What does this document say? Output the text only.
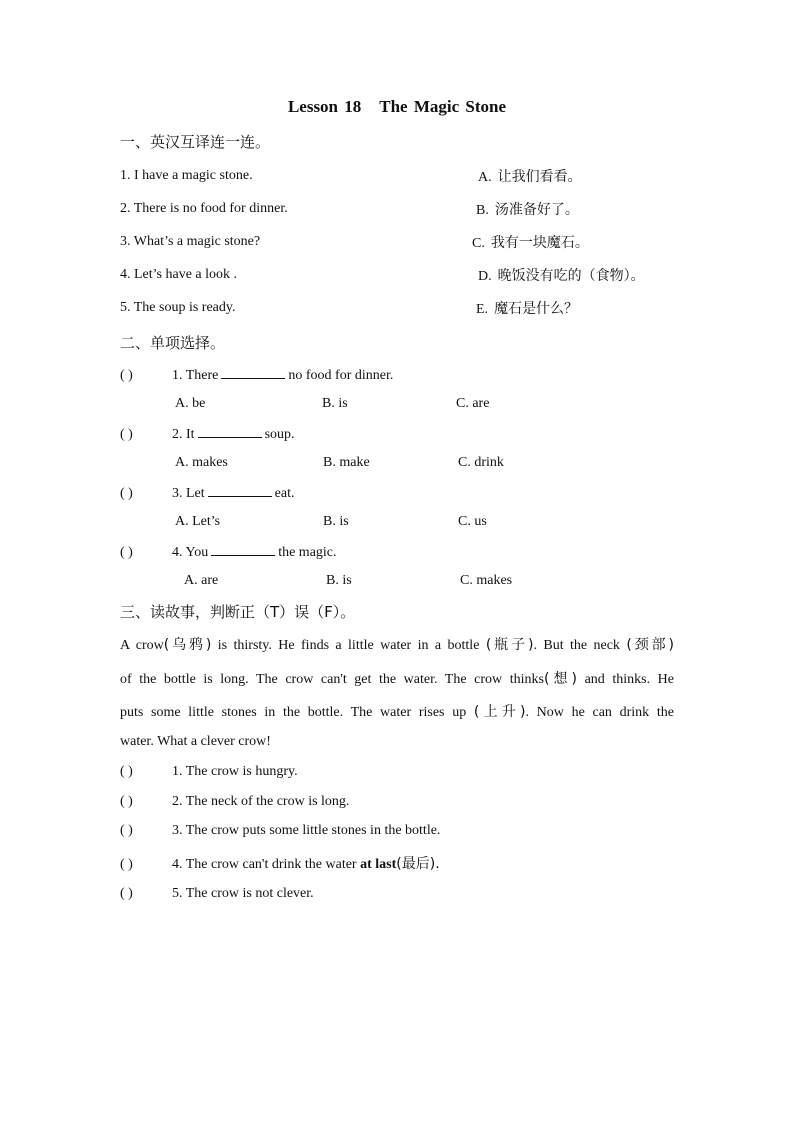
Lesson 18 The Magic Stone
一、英汉互译连一连。
1. I have a magic stone.
2. There is no food for dinner.
3. What’s a magic stone?
4. Let’s have a look .
5. The soup is ready.
A. 让我们看看。
B. 汤准备好了。
C. 我有一块魔石。
D. 晚饭没有吃的（食物）。
E. 魔石是什么？
二、单项选择。
( )	1. There	no food for dinner.
A. be	B. is	C. are
( )	2. It	soup.
A. makes	B. make	C. drink
( )	3. Let	eat.
A. Let’s	B. is	C. us
( )	4. You	the magic.
A. are	B. is	C. makes
三、读故事，判断正（T）误（F）。
A crow(乌鸦) is thirsty. He finds a little water in a bottle (瓶子). But the neck (颈部)
of the bottle is long. The crow can't get the water. The crow thinks(想) and thinks. He
puts some little stones in the bottle. The water rises up (上升). Now he can drink the
water. What a clever crow!
( )	1. The crow is hungry.
( )	2. The neck of the crow is long.
( )	3. The crow puts some little stones in the bottle.
( )	4. The crow can't drink the water at last(最后).
( )	5. The crow is not clever.
